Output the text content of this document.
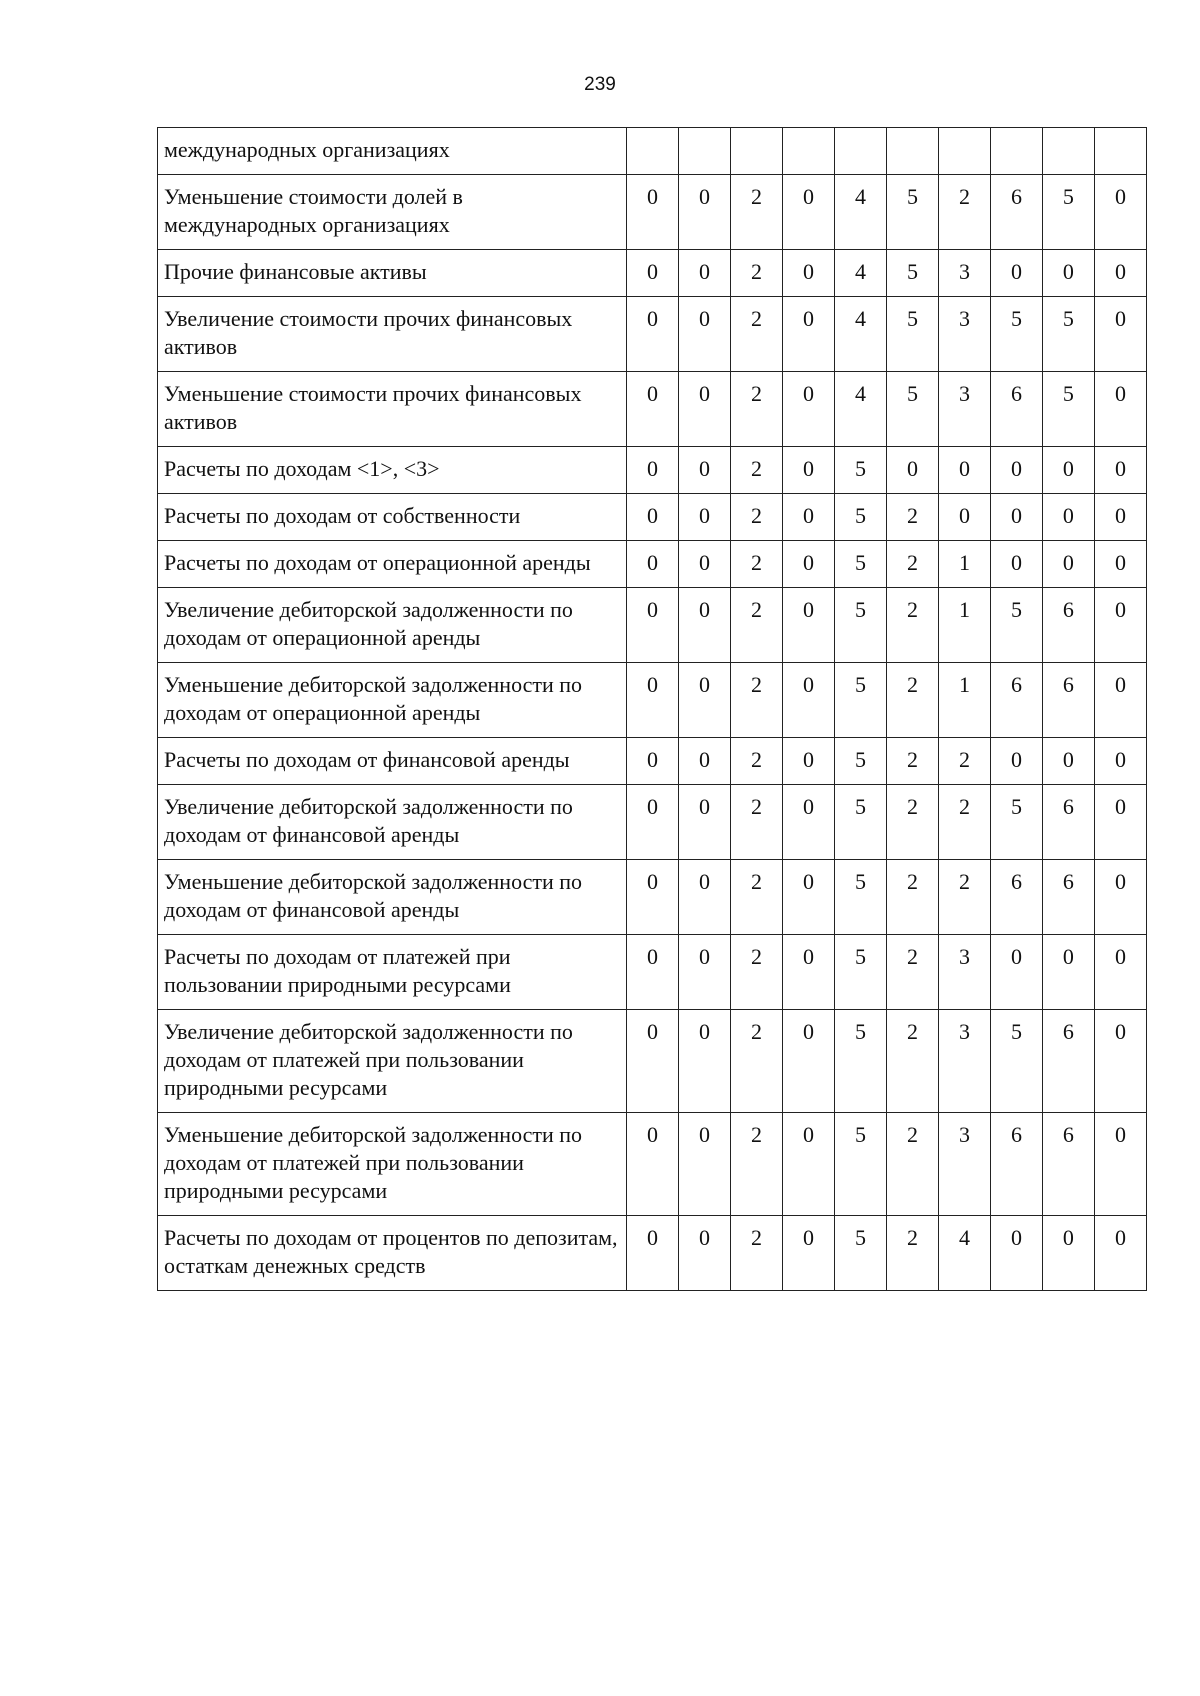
239
международных организациях										
Уменьшение стоимости долей в международных организациях	0	0	2	0	4	5	2	6	5	0
Прочие финансовые активы	0	0	2	0	4	5	3	0	0	0
Увеличение стоимости прочих финансовых активов	0	0	2	0	4	5	3	5	5	0
Уменьшение стоимости прочих финансовых активов	0	0	2	0	4	5	3	6	5	0
Расчеты по доходам <1>, <3>	0	0	2	0	5	0	0	0	0	0
Расчеты по доходам от собственности	0	0	2	0	5	2	0	0	0	0
Расчеты по доходам от операционной аренды	0	0	2	0	5	2	1	0	0	0
Увеличение дебиторской задолженности по доходам от операционной аренды	0	0	2	0	5	2	1	5	6	0
Уменьшение дебиторской задолженности по доходам от операционной аренды	0	0	2	0	5	2	1	6	6	0
Расчеты по доходам от финансовой аренды	0	0	2	0	5	2	2	0	0	0
Увеличение дебиторской задолженности по доходам от финансовой аренды	0	0	2	0	5	2	2	5	6	0
Уменьшение дебиторской задолженности по доходам от финансовой аренды	0	0	2	0	5	2	2	6	6	0
Расчеты по доходам от платежей при пользовании природными ресурсами	0	0	2	0	5	2	3	0	0	0
Увеличение дебиторской задолженности по доходам от платежей при пользовании природными ресурсами	0	0	2	0	5	2	3	5	6	0
Уменьшение дебиторской задолженности по доходам от платежей при пользовании природными ресурсами	0	0	2	0	5	2	3	6	6	0
Расчеты по доходам от процентов по депозитам, остаткам денежных средств	0	0	2	0	5	2	4	0	0	0
